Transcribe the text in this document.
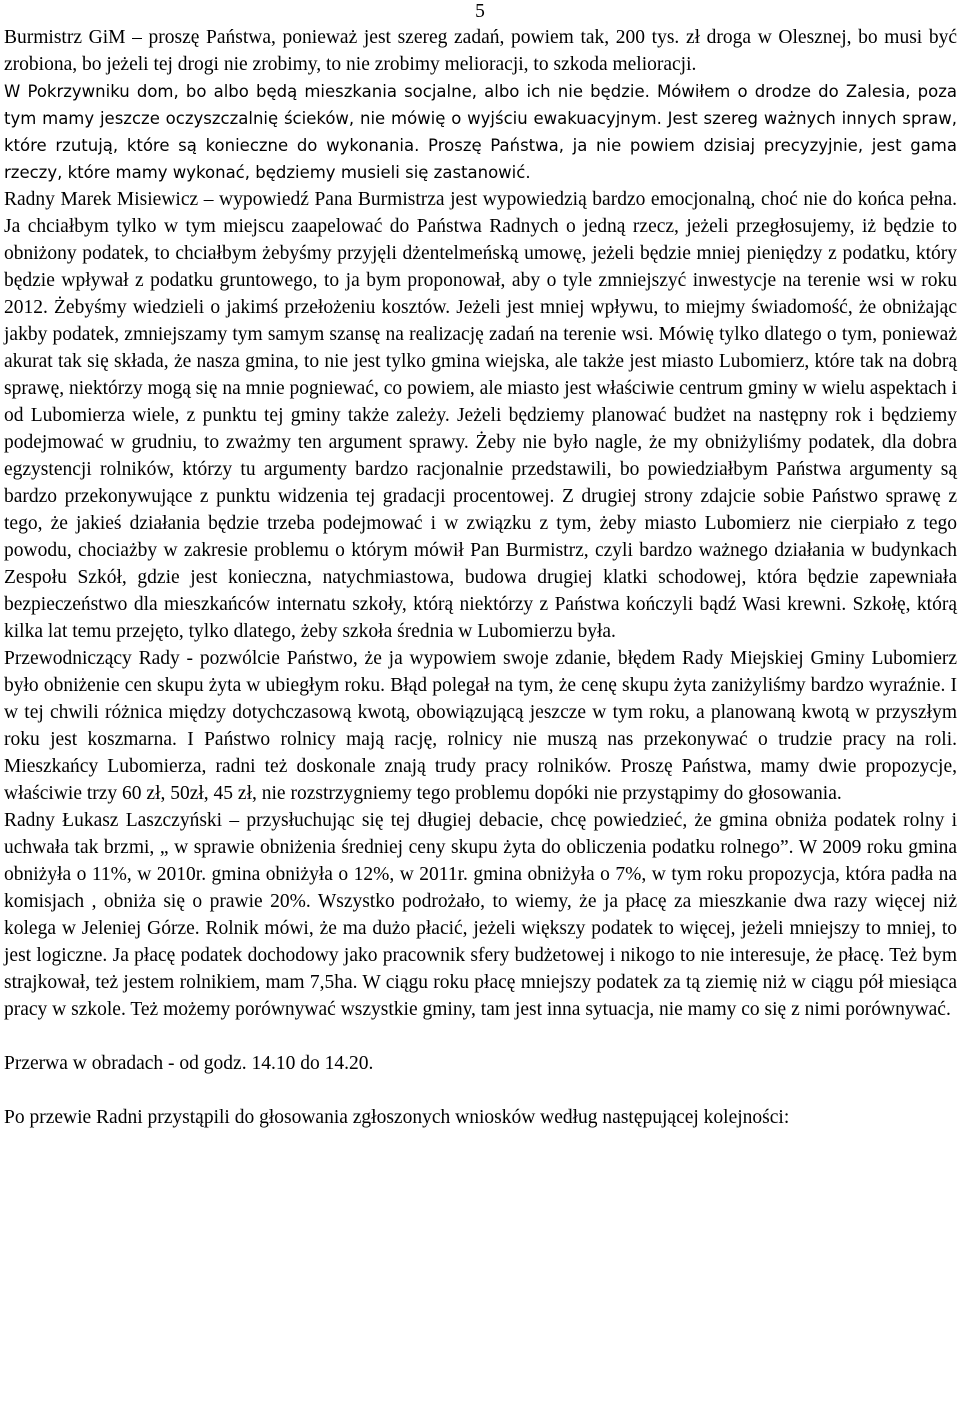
5

Burmistrz GiM – proszę Państwa, ponieważ jest szereg zadań, powiem tak, 200 tys. zł droga w Olesznej, bo musi być zrobiona, bo jeżeli tej drogi nie zrobimy, to nie zrobimy melioracji, to szkoda melioracji.

W Pokrzywniku dom, bo albo będą mieszkania socjalne, albo ich nie będzie. Mówiłem o drodze do Zalesia, poza tym mamy jeszcze oczyszczalnię ścieków, nie mówię o wyjściu ewakuacyjnym. Jest szereg ważnych innych spraw, które rzutują, które są konieczne do wykonania. Proszę Państwa, ja nie powiem dzisiaj precyzyjnie, jest gama rzeczy, które mamy wykonać, będziemy musieli się zastanowić.

Radny Marek Misiewicz – wypowiedź Pana Burmistrza jest wypowiedzią bardzo emocjonalną, choć nie do końca pełna. Ja chciałbym tylko w tym miejscu zaapelować do Państwa Radnych o jedną rzecz, jeżeli przegłosujemy, iż będzie to obniżony podatek, to chciałbym żebyśmy przyjęli dżentelmeńską umowę, jeżeli będzie mniej pieniędzy z podatku, który będzie wpływał z podatku gruntowego, to ja bym proponował, aby o tyle zmniejszyć inwestycje na terenie wsi w roku 2012. Żebyśmy wiedzieli o jakimś przełożeniu kosztów. Jeżeli jest mniej wpływu, to miejmy świadomość, że obniżając jakby podatek, zmniejszamy tym samym szansę na realizację zadań na terenie wsi. Mówię tylko dlatego o tym, ponieważ akurat tak się składa, że nasza gmina, to nie jest tylko gmina wiejska, ale także jest miasto Lubomierz, które tak na dobrą sprawę, niektórzy mogą się na mnie pogniewać, co powiem, ale miasto jest właściwie centrum gminy w wielu aspektach i od Lubomierza wiele, z punktu tej gminy także zależy. Jeżeli będziemy planować budżet na następny rok i będziemy podejmować w grudniu, to zważmy ten argument sprawy. Żeby nie było nagle, że my obniżyliśmy podatek, dla dobra egzystencji rolników, którzy tu argumenty bardzo racjonalnie przedstawili, bo powiedziałbym Państwa argumenty są bardzo przekonywujące z punktu widzenia tej gradacji procentowej. Z drugiej strony zdajcie sobie Państwo sprawę z tego, że jakieś działania będzie trzeba podejmować i w związku z tym, żeby miasto Lubomierz nie cierpiało z tego powodu, chociażby w zakresie problemu o którym mówił Pan Burmistrz, czyli bardzo ważnego działania w budynkach Zespołu Szkół, gdzie jest konieczna, natychmiastowa, budowa drugiej klatki schodowej, która będzie zapewniała bezpieczeństwo dla mieszkańców internatu szkoły, którą niektórzy z Państwa kończyli bądź Wasi krewni. Szkołę, którą kilka lat temu przejęto, tylko dlatego, żeby szkoła średnia w Lubomierzu była.

Przewodniczący Rady - pozwólcie Państwo, że ja wypowiem swoje zdanie, błędem Rady Miejskiej Gminy Lubomierz było obniżenie cen skupu żyta w ubiegłym roku. Błąd polegał na tym, że cenę skupu żyta zaniżyliśmy bardzo wyraźnie. I w tej chwili różnica między dotychczasową kwotą, obowiązującą jeszcze w tym roku, a planowaną kwotą w przyszłym roku jest koszmarna. I Państwo rolnicy mają rację, rolnicy nie muszą nas przekonywać o trudzie pracy na roli. Mieszkańcy Lubomierza, radni też doskonale znają trudy pracy rolników. Proszę Państwa, mamy dwie propozycje, właściwie trzy 60 zł, 50zł, 45 zł, nie rozstrzygniemy tego problemu dopóki nie przystąpimy do głosowania.

Radny Łukasz Laszczyński – przysłuchując się tej długiej debacie, chcę powiedzieć, że gmina obniża podatek rolny i uchwała tak brzmi, „ w sprawie obniżenia średniej ceny skupu żyta do obliczenia podatku rolnego”. W 2009 roku gmina obniżyła o 11%, w 2010r. gmina obniżyła o 12%, w 2011r. gmina obniżyła o 7%, w tym roku propozycja, która padła na komisjach , obniża się o prawie 20%. Wszystko podrożało, to wiemy, że ja płacę za mieszkanie dwa razy więcej niż kolega w Jeleniej Górze. Rolnik mówi, że ma dużo płacić, jeżeli większy podatek to więcej, jeżeli mniejszy to mniej, to jest logiczne. Ja płacę podatek dochodowy jako pracownik sfery budżetowej i nikogo to nie interesuje, że płacę. Też bym strajkował, też jestem rolnikiem, mam 7,5ha. W ciągu roku płacę mniejszy podatek za tą ziemię niż w ciągu pół miesiąca pracy w szkole. Też możemy porównywać wszystkie gminy, tam jest inna sytuacja, nie mamy co się z nimi porównywać.

Przerwa w obradach - od godz. 14.10 do 14.20.

Po przewie Radni przystąpili do głosowania zgłoszonych wniosków według następującej kolejności:
